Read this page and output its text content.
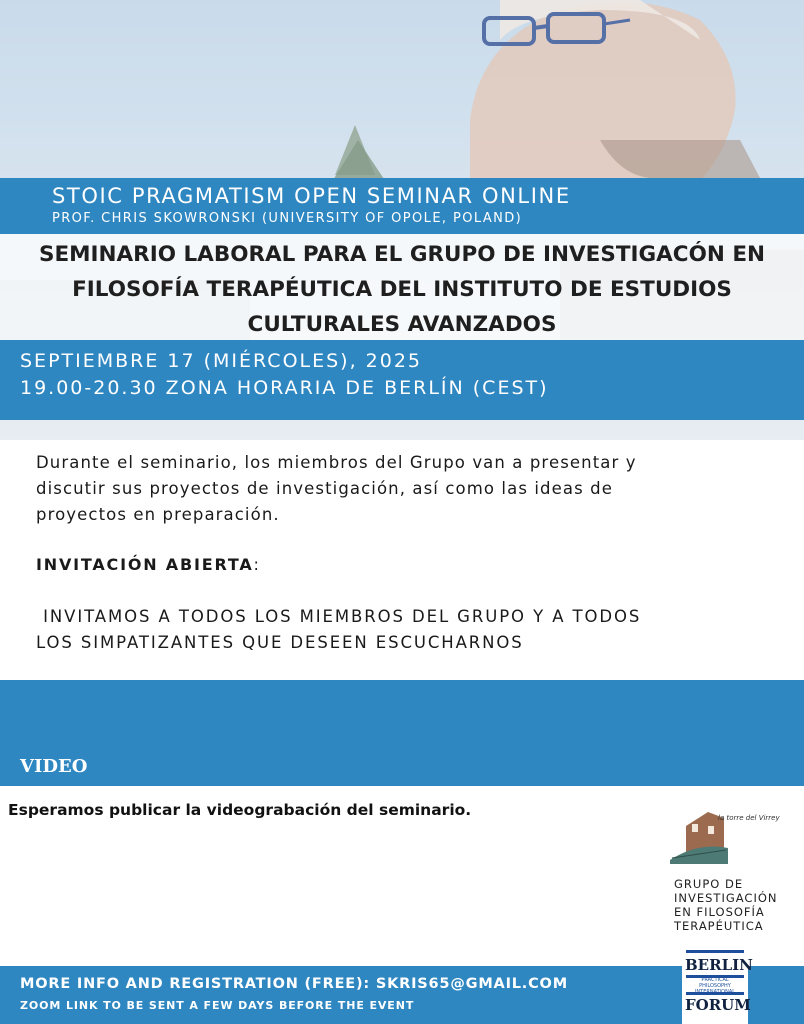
STOIC PRAGMATISM OPEN SEMINAR ONLINE
PROF. CHRIS SKOWRONSKI (UNIVERSITY OF OPOLE, POLAND)
SEMINARIO LABORAL PARA EL GRUPO DE INVESTIGACÓN EN
FILOSOFÍA TERAPÉUTICA DEL INSTITUTO DE ESTUDIOS
CULTURALES AVANZADOS
SEPTIEMBRE 17 (MIÉRCOLES), 2025
19.00-20.30 ZONA HORARIA DE BERLÍN (CEST)
Durante el seminario, los miembros del Grupo van a presentar y
discutir sus proyectos de investigación, así como las ideas de
proyectos en preparación.
INVITACIÓN ABIERTA:
INVITAMOS A TODOS LOS MIEMBROS DEL GRUPO Y A TODOS
LOS SIMPATIZANTES QUE DESEEN ESCUCHARNOS
VIDEO
Esperamos publicar la videograbación del seminario.	la torre del Virrey
GRUPO DE
INVESTIGACIÓN
EN FILOSOFÍA
TERAPÉUTICA
MORE INFO AND REGISTRATION (FREE): SKRIS65@GMAIL.COM
ZOOM LINK TO BE SENT A FEW DAYS BEFORE THE EVENT
BERLIN
PRACTICAL PHILOSOPHY
FORUM
